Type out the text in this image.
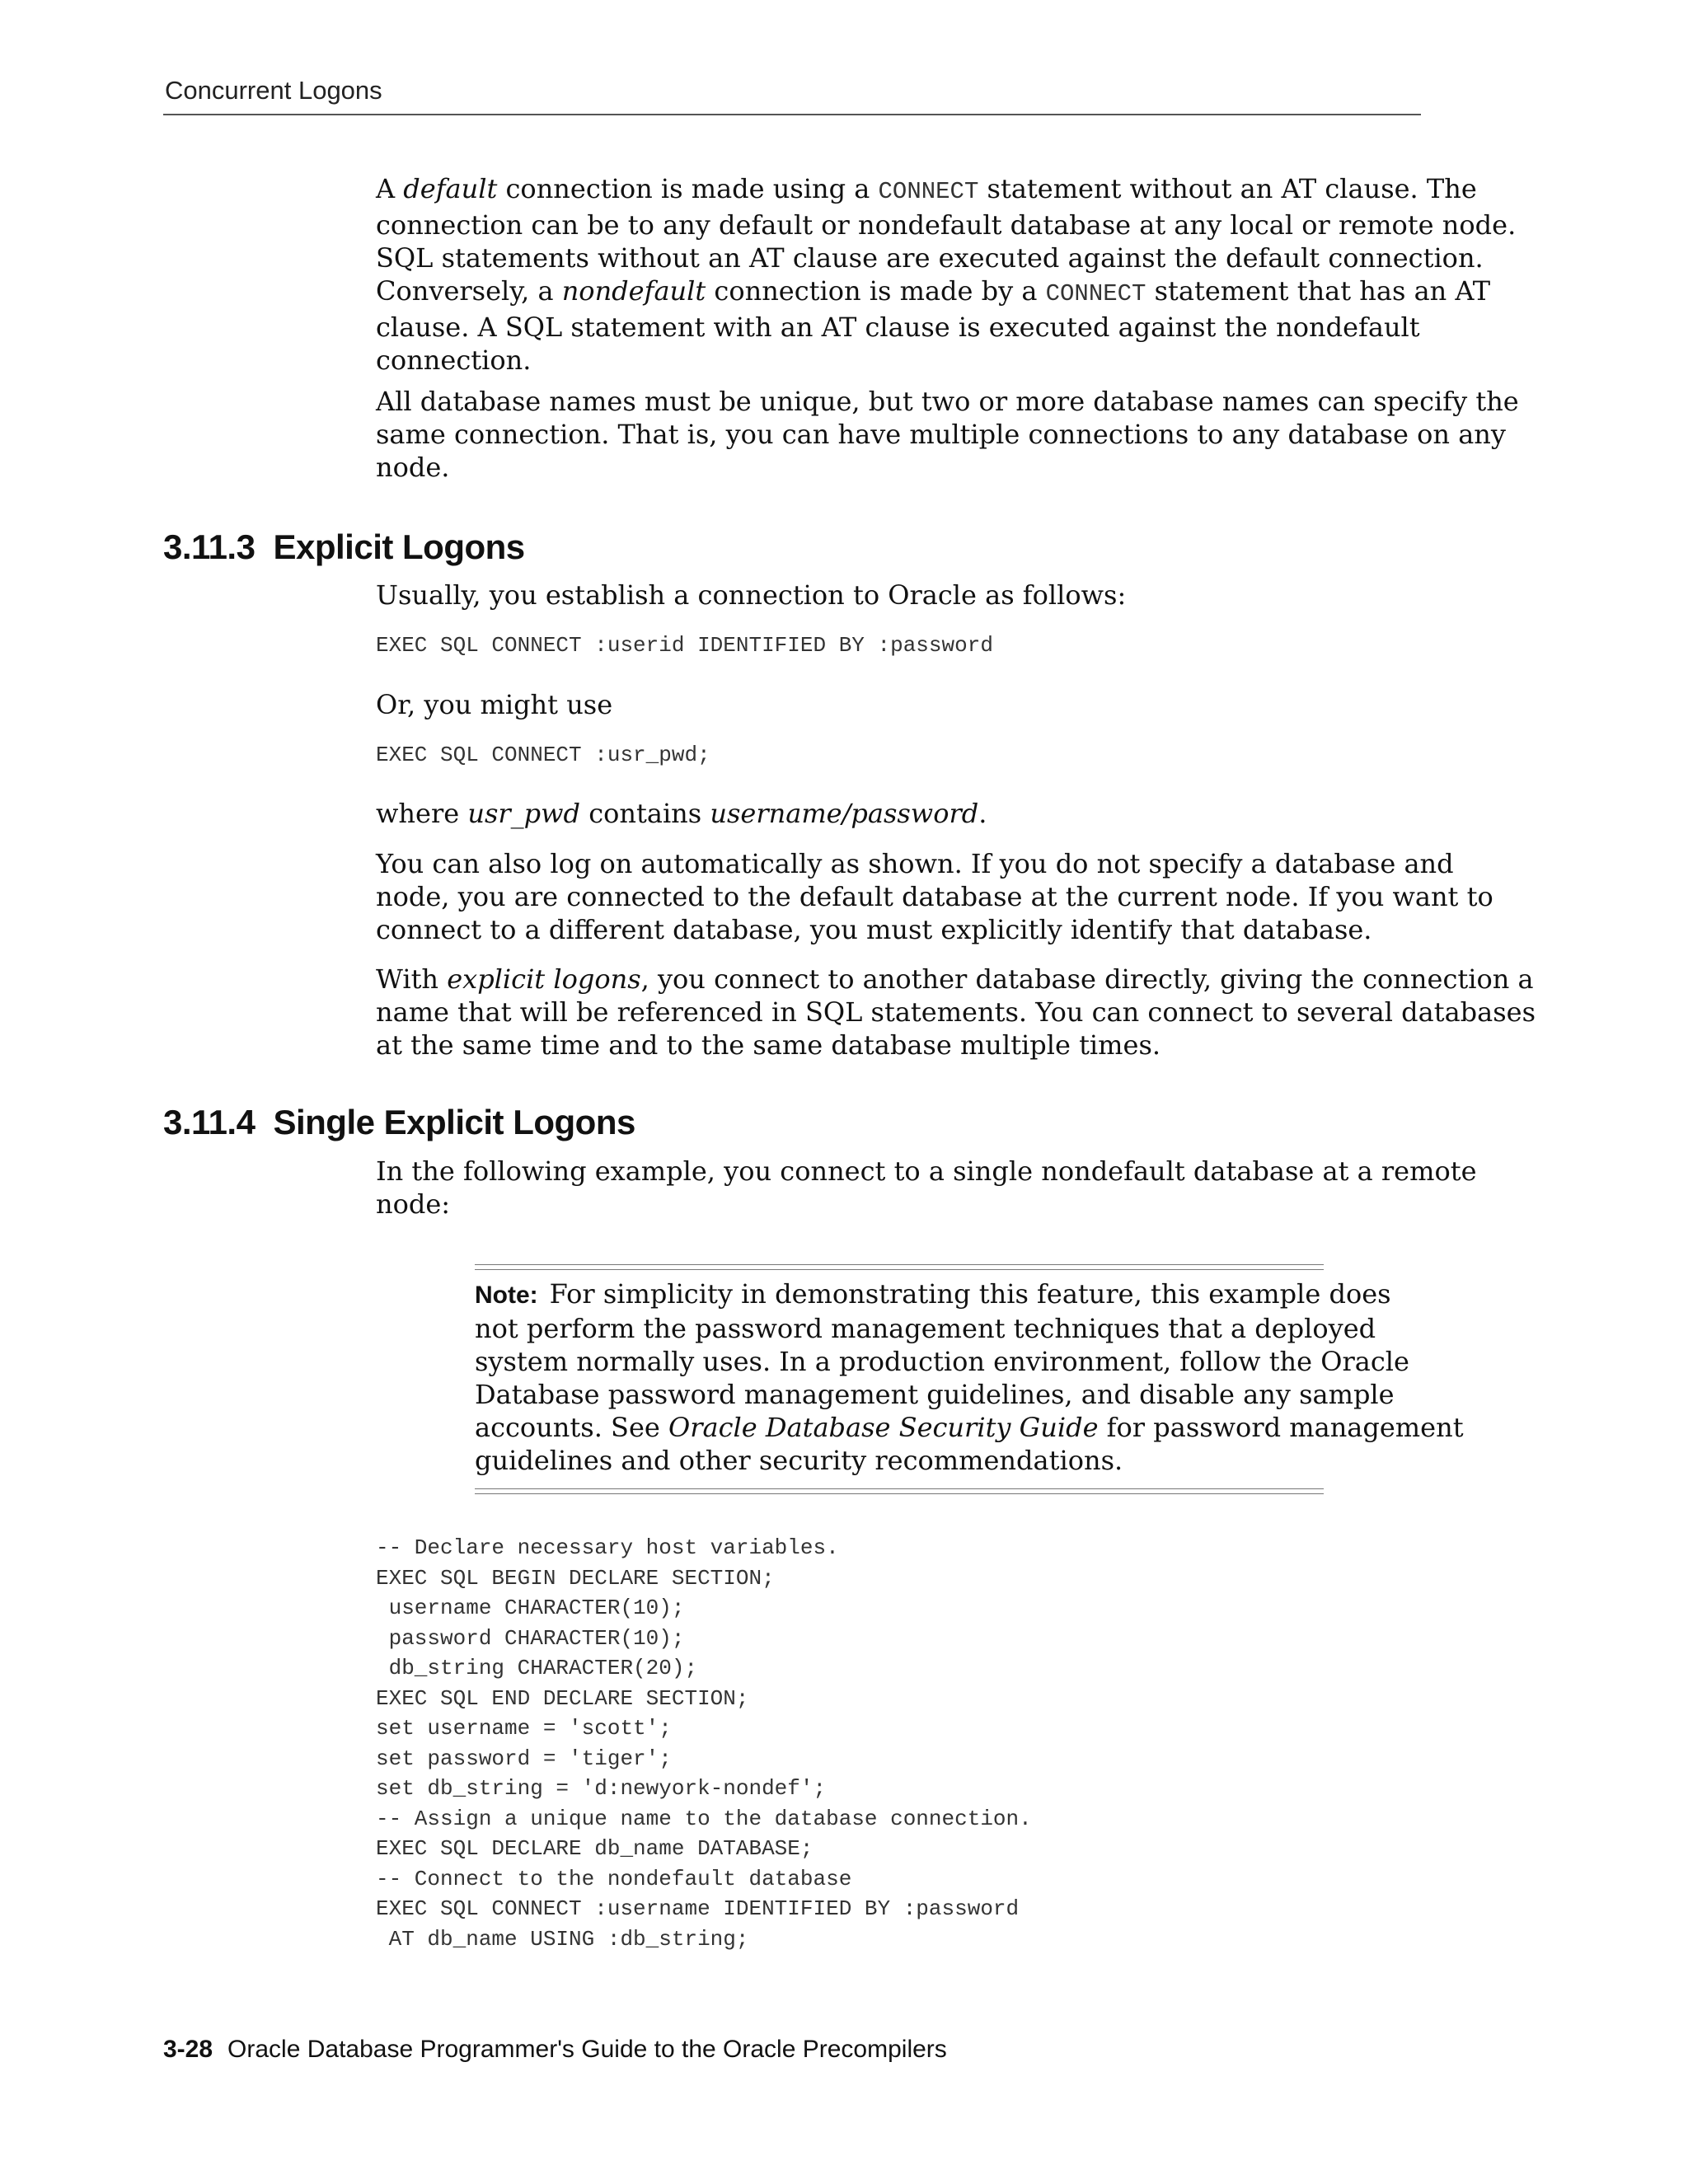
Concurrent Logons
A default connection is made using a CONNECT statement without an AT clause. The
connection can be to any default or nondefault database at any local or remote node.
SQL statements without an AT clause are executed against the default connection.
Conversely, a nondefault connection is made by a CONNECT statement that has an AT
clause. A SQL statement with an AT clause is executed against the nondefault
connection.
All database names must be unique, but two or more database names can specify the
same connection. That is, you can have multiple connections to any database on any
node.
3.11.3 Explicit Logons
Usually, you establish a connection to Oracle as follows:
EXEC SQL CONNECT :userid IDENTIFIED BY :password
Or, you might use
EXEC SQL CONNECT :usr_pwd;
where usr_pwd contains username/password.
You can also log on automatically as shown. If you do not specify a database and
node, you are connected to the default database at the current node. If you want to
connect to a different database, you must explicitly identify that database.
With explicit logons, you connect to another database directly, giving the connection a
name that will be referenced in SQL statements. You can connect to several databases
at the same time and to the same database multiple times.
3.11.4 Single Explicit Logons
In the following example, you connect to a single nondefault database at a remote
node:
Note: For simplicity in demonstrating this feature, this example does
not perform the password management techniques that a deployed
system normally uses. In a production environment, follow the Oracle
Database password management guidelines, and disable any sample
accounts. See Oracle Database Security Guide for password management
guidelines and other security recommendations.
-- Declare necessary host variables.
EXEC SQL BEGIN DECLARE SECTION;
username CHARACTER(10);
password CHARACTER(10);
db_string CHARACTER(20);
EXEC SQL END DECLARE SECTION;
set username = 'scott';
set password = 'tiger';
set db_string = 'd:newyork-nondef';
-- Assign a unique name to the database connection.
EXEC SQL DECLARE db_name DATABASE;
-- Connect to the nondefault database
EXEC SQL CONNECT :username IDENTIFIED BY :password
AT db_name USING :db_string;
3-28 Oracle Database Programmer's Guide to the Oracle Precompilers
